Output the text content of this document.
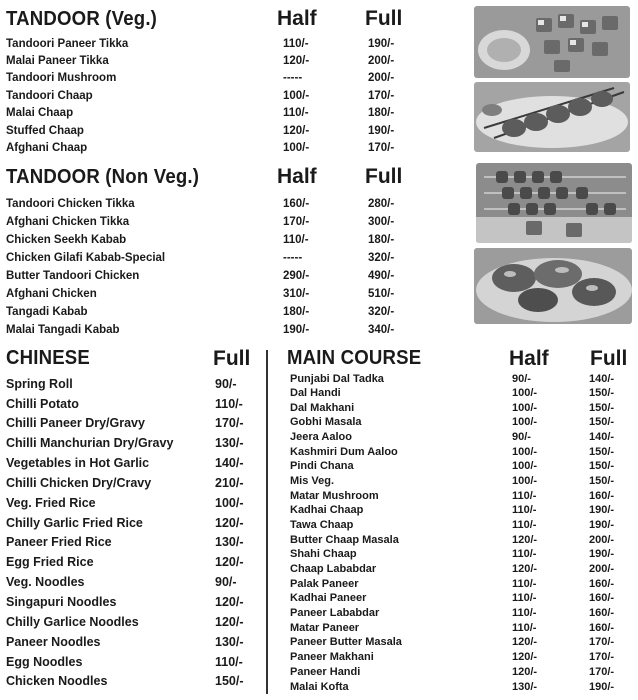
TANDOOR (Veg.)	Half Full
TANDOOR (Non Veg.)	Half Full
CHINESE	Full MAIN COURSE	Half Full
Tandoori Paneer Tikka	110/-	190/-
Malai Paneer Tikka	120/-	200/-
Tandoori Mushroom	-----	200/-
Tandoori Chaap	100/-	170/-
Malai Chaap	110/-	180/-
Stuffed Chaap	120/-	190/-
Afghani Chaap	100/-	170/-
Tandoori Chicken Tikka	160/-	280/-
Afghani Chicken Tikka	170/-	300/-
Chicken Seekh Kabab	110/-	180/-
Chicken Gilafi Kabab-Special	-----	320/-
Butter Tandoori Chicken	290/-	490/-
Afghani Chicken	310/-	510/-
Tangadi Kabab	180/-	320/-
Malai Tangadi Kabab	190/-	340/-
Spring Roll	90/-
Chilli Potato	110/-
Chilli Paneer Dry/Gravy	170/-
Chilli Manchurian Dry/Gravy	130/-
Vegetables in Hot Garlic	140/-
Chilli Chicken Dry/Cravy	210/-
Veg. Fried Rice	100/-
Chilly Garlic Fried Rice	120/-
Paneer Fried Rice	130/-
Egg Fried Rice	120/-
Veg. Noodles	90/-
Singapuri Noodles	120/-
Chilly Garlice Noodles	120/-
Paneer Noodles	130/-
Egg Noodles	110/-
Chicken Noodles	150/-
Punjabi Dal Tadka	90/-	140/-
Dal Handi	100/-	150/-
Dal Makhani	100/-	150/-
Gobhi Masala	100/-	150/-
Jeera Aaloo	90/-	140/-
Kashmiri Dum Aaloo	100/-	150/-
Pindi Chana	100/-	150/-
Mis Veg.	100/-	150/-
Matar Mushroom	110/-	160/-
Kadhai Chaap	110/-	190/-
Tawa Chaap	110/-	190/-
Butter Chaap Masala	120/-	200/-
Shahi Chaap	110/-	190/-
Chaap Lababdar	120/-	200/-
Palak Paneer	110/-	160/-
Kadhai Paneer	110/-	160/-
Paneer Lababdar	110/-	160/-
Matar Paneer	110/-	160/-
Paneer Butter Masala	120/-	170/-
Paneer Makhani	120/-	170/-
Paneer Handi	120/-	170/-
Malai Kofta	130/-	190/-
